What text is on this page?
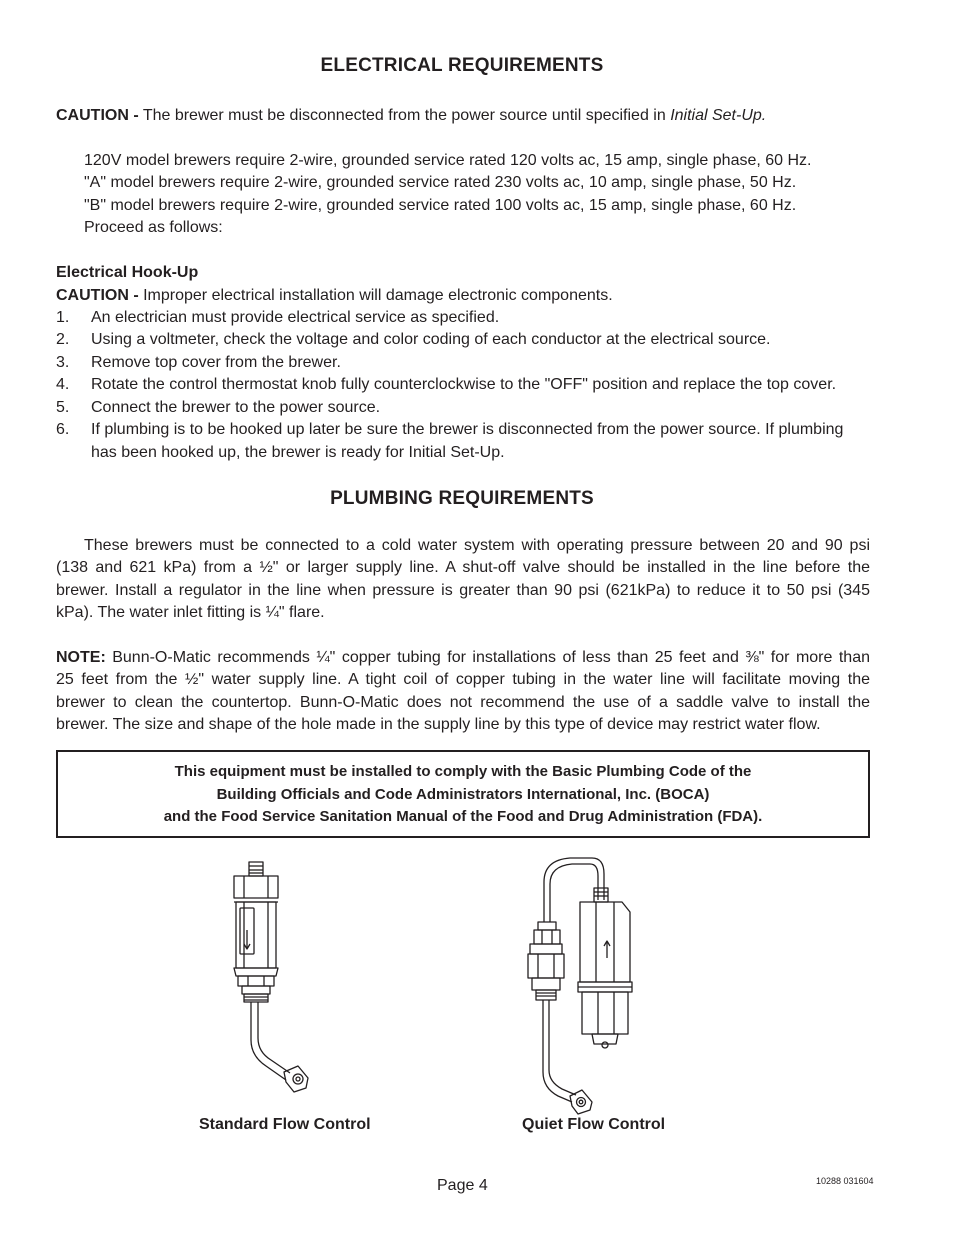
ELECTRICAL REQUIREMENTS
CAUTION - The brewer must be disconnected from the power source until specified in Initial Set-Up.
120V model brewers require 2-wire, grounded service rated 120 volts ac, 15 amp, single phase, 60 Hz.
"A" model brewers require 2-wire, grounded service rated 230 volts ac, 10 amp, single phase, 50 Hz.
"B" model brewers require 2-wire, grounded service rated 100 volts ac, 15 amp, single phase, 60 Hz.
Proceed as follows:
Electrical Hook-Up
CAUTION - Improper electrical installation will damage electronic components.
1. An electrician must provide electrical service as specified.
2. Using a voltmeter, check the voltage and color coding of each conductor at the electrical source.
3. Remove top cover from the brewer.
4. Rotate the control thermostat knob fully counterclockwise to the "OFF" position and replace the top cover.
5. Connect the brewer to the power source.
6. If plumbing is to be hooked up later be sure the brewer is disconnected from the power source. If plumbing
has been hooked up, the brewer is ready for Initial Set-Up.
PLUMBING REQUIREMENTS
These brewers must be connected to a cold water system with operating pressure between 20 and 90 psi
(138 and 621 kPa) from a ½" or larger supply line. A shut-off valve should be installed in the line before the
brewer. Install a regulator in the line when pressure is greater than 90 psi (621kPa) to reduce it to 50 psi (345
kPa). The water inlet fitting is ¼" flare.
NOTE: Bunn-O-Matic recommends ¼" copper tubing for installations of less than 25 feet and ⅜" for more than
25 feet from the ½" water supply line. A tight coil of copper tubing in the water line will facilitate moving the
brewer to clean the countertop. Bunn-O-Matic does not recommend the use of a saddle valve to install the
brewer. The size and shape of the hole made in the supply line by this type of device may restrict water flow.
This equipment must be installed to comply with the Basic Plumbing Code of the
Building Officials and Code Administrators International, Inc. (BOCA)
and the Food Service Sanitation Manual of the Food and Drug Administration (FDA).
Standard Flow Control	Quiet Flow Control
Page 4	10288 031604
